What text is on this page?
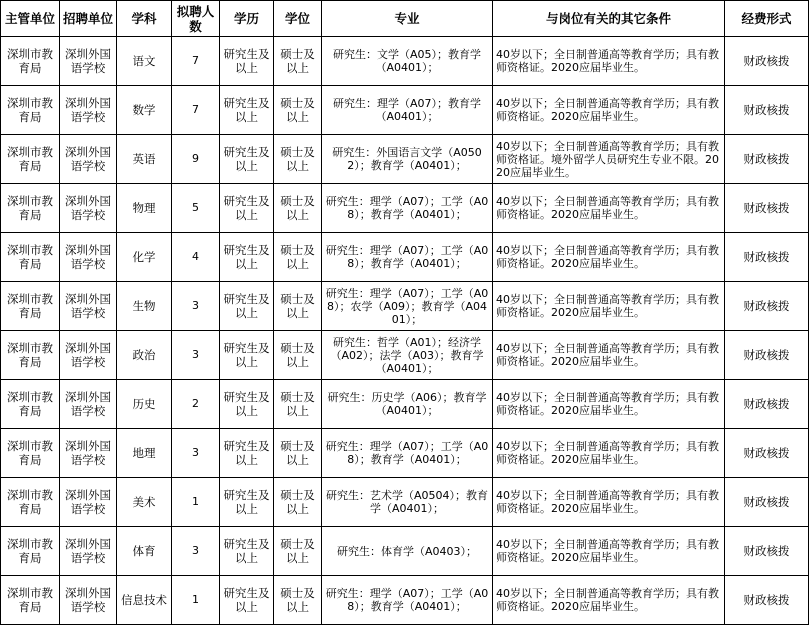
主管单位	招聘单位	学科	拟聘人数	学历	学位	专业	与岗位有关的其它条件	经费形式
深圳市教育局	深圳外国语学校	语文	7	研究生及以上	硕士及以上	研究生：文学（A05）；教育学（A0401）；	40岁以下；全日制普通高等教育学历；具有教师资格证。2020应届毕业生。	财政核拨
深圳市教育局	深圳外国语学校	数学	7	研究生及以上	硕士及以上	研究生：理学（A07）；教育学（A0401）；	40岁以下；全日制普通高等教育学历；具有教师资格证。2020应届毕业生。	财政核拨
深圳市教育局	深圳外国语学校	英语	9	研究生及以上	硕士及以上	研究生：外国语言文学（A0502）；教育学（A0401）；	40岁以下；全日制普通高等教育学历；具有教师资格证。境外留学人员研究生专业不限。2020应届毕业生。	财政核拨
深圳市教育局	深圳外国语学校	物理	5	研究生及以上	硕士及以上	研究生：理学（A07）；工学（A08）；教育学（A0401）；	40岁以下；全日制普通高等教育学历；具有教师资格证。2020应届毕业生。	财政核拨
深圳市教育局	深圳外国语学校	化学	4	研究生及以上	硕士及以上	研究生：理学（A07）；工学（A08）；教育学（A0401）；	40岁以下；全日制普通高等教育学历；具有教师资格证。2020应届毕业生。	财政核拨
深圳市教育局	深圳外国语学校	生物	3	研究生及以上	硕士及以上	研究生：理学（A07）；工学（A08）；农学（A09）；教育学（A0401）；	40岁以下；全日制普通高等教育学历；具有教师资格证。2020应届毕业生。	财政核拨
深圳市教育局	深圳外国语学校	政治	3	研究生及以上	硕士及以上	研究生：哲学（A01）；经济学（A02）；法学（A03）；教育学（A0401）；	40岁以下；全日制普通高等教育学历；具有教师资格证。2020应届毕业生。	财政核拨
深圳市教育局	深圳外国语学校	历史	2	研究生及以上	硕士及以上	研究生：历史学（A06）；教育学（A0401）；	40岁以下；全日制普通高等教育学历；具有教师资格证。2020应届毕业生。	财政核拨
深圳市教育局	深圳外国语学校	地理	3	研究生及以上	硕士及以上	研究生：理学（A07）；工学（A08）；教育学（A0401）；	40岁以下；全日制普通高等教育学历；具有教师资格证。2020应届毕业生。	财政核拨
深圳市教育局	深圳外国语学校	美术	1	研究生及以上	硕士及以上	研究生：艺术学（A0504）；教育学（A0401）；	40岁以下；全日制普通高等教育学历；具有教师资格证。2020应届毕业生。	财政核拨
深圳市教育局	深圳外国语学校	体育	3	研究生及以上	硕士及以上	研究生：体育学（A0403）；	40岁以下；全日制普通高等教育学历；具有教师资格证。2020应届毕业生。	财政核拨
深圳市教育局	深圳外国语学校	信息技术	1	研究生及以上	硕士及以上	研究生：理学（A07）；工学（A08）；教育学（A0401）；	40岁以下；全日制普通高等教育学历；具有教师资格证。2020应届毕业生。	财政核拨
